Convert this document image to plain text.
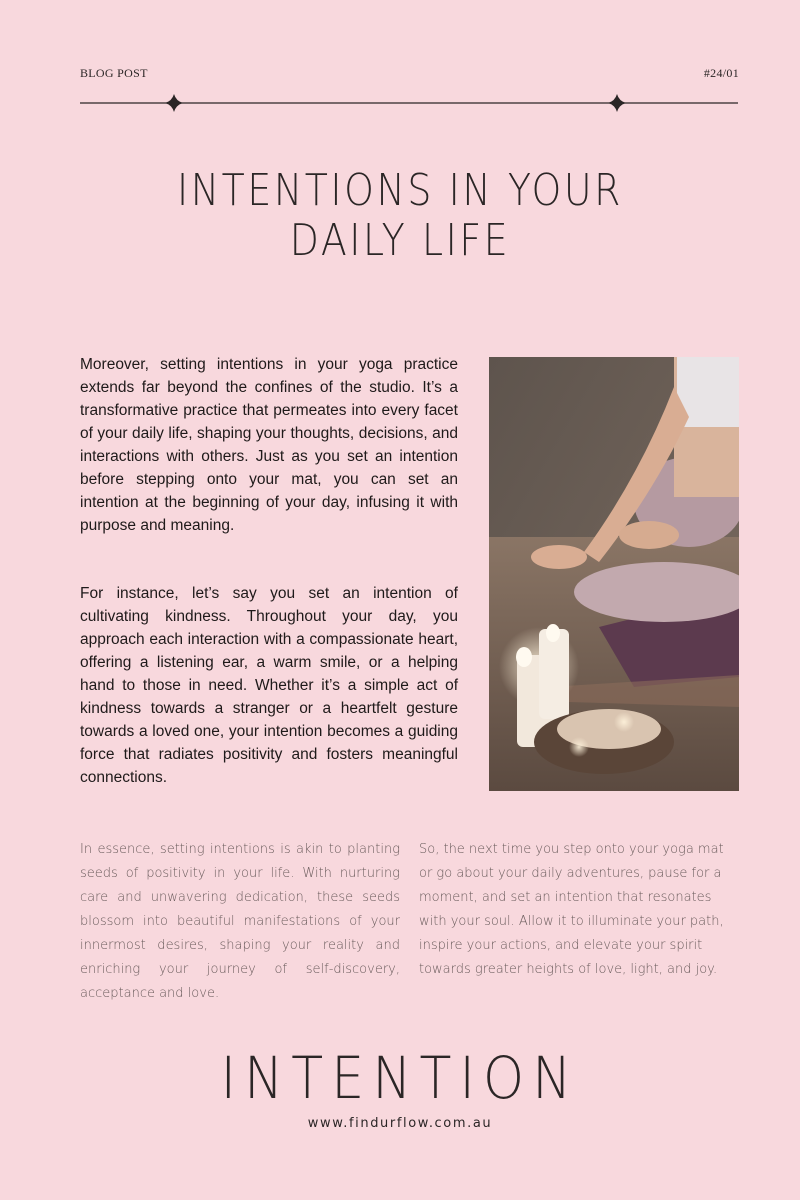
BLOG POST	#24/01
INTENTIONS IN YOUR
DAILY LIFE

Moreover, setting intentions in your yoga practice extends far beyond the confines of the studio. It’s a transformative practice that permeates into every facet of your daily life, shaping your thoughts, decisions, and interactions with others. Just as you set an intention before stepping onto your mat, you can set an intention at the beginning of your day, infusing it with purpose and meaning.

For instance, let’s say you set an intention of cultivating kindness. Throughout your day, you approach each interaction with a compassionate heart, offering a listening ear, a warm smile, or a helping hand to those in need. Whether it’s a simple act of kindness towards a stranger or a heartfelt gesture towards a loved one, your intention becomes a guiding force that radiates positivity and fosters meaningful connections.

In essence, setting intentions is akin to planting seeds of positivity in your life. With nurturing care and unwavering dedication, these seeds blossom into beautiful manifestations of your innermost desires, shaping your reality and enriching your journey of self-discovery, acceptance and love.

So, the next time you step onto your yoga mat or go about your daily adventures, pause for a moment, and set an intention that resonates with your soul. Allow it to illuminate your path, inspire your actions, and elevate your spirit towards greater heights of love, light, and joy.

INTENTION
www.findurflow.com.au
